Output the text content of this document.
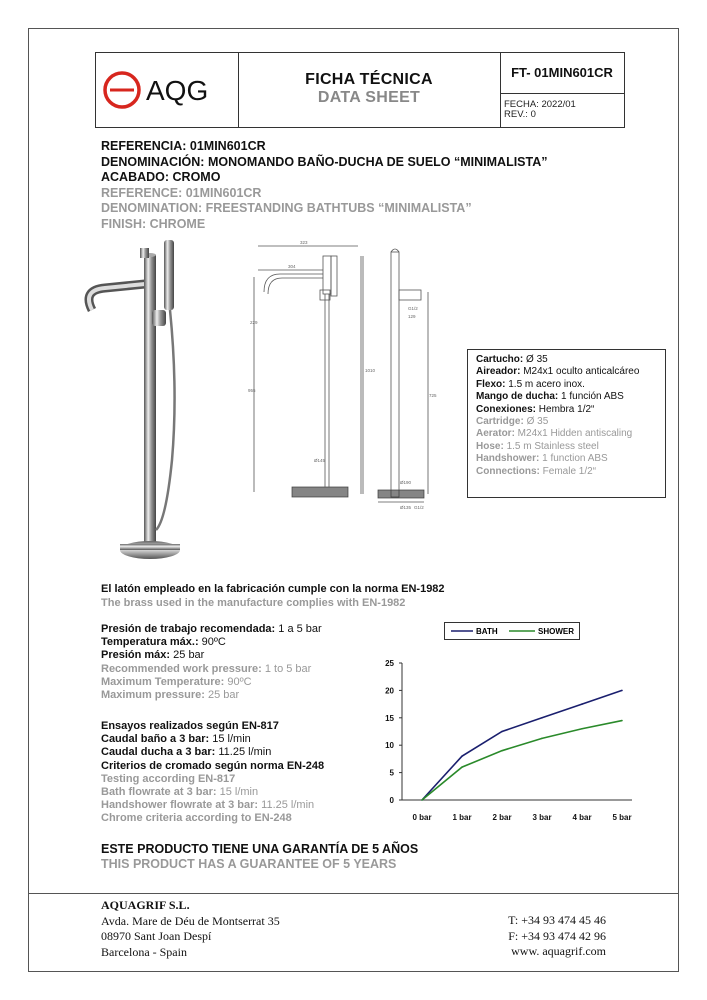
AQG	FICHA TÉCNICA
DATA SHEET
FT- 01MIN601CR
FECHA: 2022/01
REV.: 0
REFERENCIA: 01MIN601CR
DENOMINACIÓN: MONOMANDO BAÑO-DUCHA DE SUELO “MINIMALISTA”
ACABADO: CROMO
REFERENCE: 01MIN601CR
DENOMINATION: FREESTANDING BATHTUBS “MINIMALISTA”
FINISH: CHROME
323
304
229
955
1010
G1/2
129
725
Ø190
Ø135 G1/2
Ø145
Cartucho: Ø 35
Aireador: M24x1 oculto anticalcáreo
Flexo: 1.5 m acero inox.
Mango de ducha: 1 función ABS
Conexiones: Hembra 1/2“
Cartridge: Ø 35
Aerator: M24x1 Hidden antiscaling
Hose: 1.5 m Stainless steel
Handshower: 1 function ABS
Connections: Female 1/2“
El latón empleado en la fabricación cumple con la norma EN-1982
The brass used in the manufacture complies with EN-1982
Presión de trabajo recomendada: 1 a 5 bar
Temperatura máx.: 90ºC
Presión máx: 25 bar
Recommended work pressure: 1 to 5 bar
Maximum Temperature: 90ºC
Maximum pressure: 25 bar
Ensayos realizados según EN-817
Caudal baño a 3 bar: 15 l/min
Caudal ducha a 3 bar: 11.25 l/min
Criterios de cromado según norma EN-248
Testing according EN-817
Bath flowrate at 3 bar: 15 l/min
Handshower flowrate at 3 bar: 11.25 l/min
Chrome criteria according to EN-248
BATH	SHOWER
0
5
10
15
20
25
0 bar	1 bar	2 bar	3 bar	4 bar	5 bar
ESTE PRODUCTO TIENE UNA GARANTÍA DE 5 AÑOS
THIS PRODUCT HAS A GUARANTEE OF 5 YEARS
AQUAGRIF S.L.
Avda. Mare de Déu de Montserrat 35
08970 Sant Joan Despí
Barcelona - Spain
T: +34 93 474 45 46
F: +34 93 474 42 96
www. aquagrif.com
